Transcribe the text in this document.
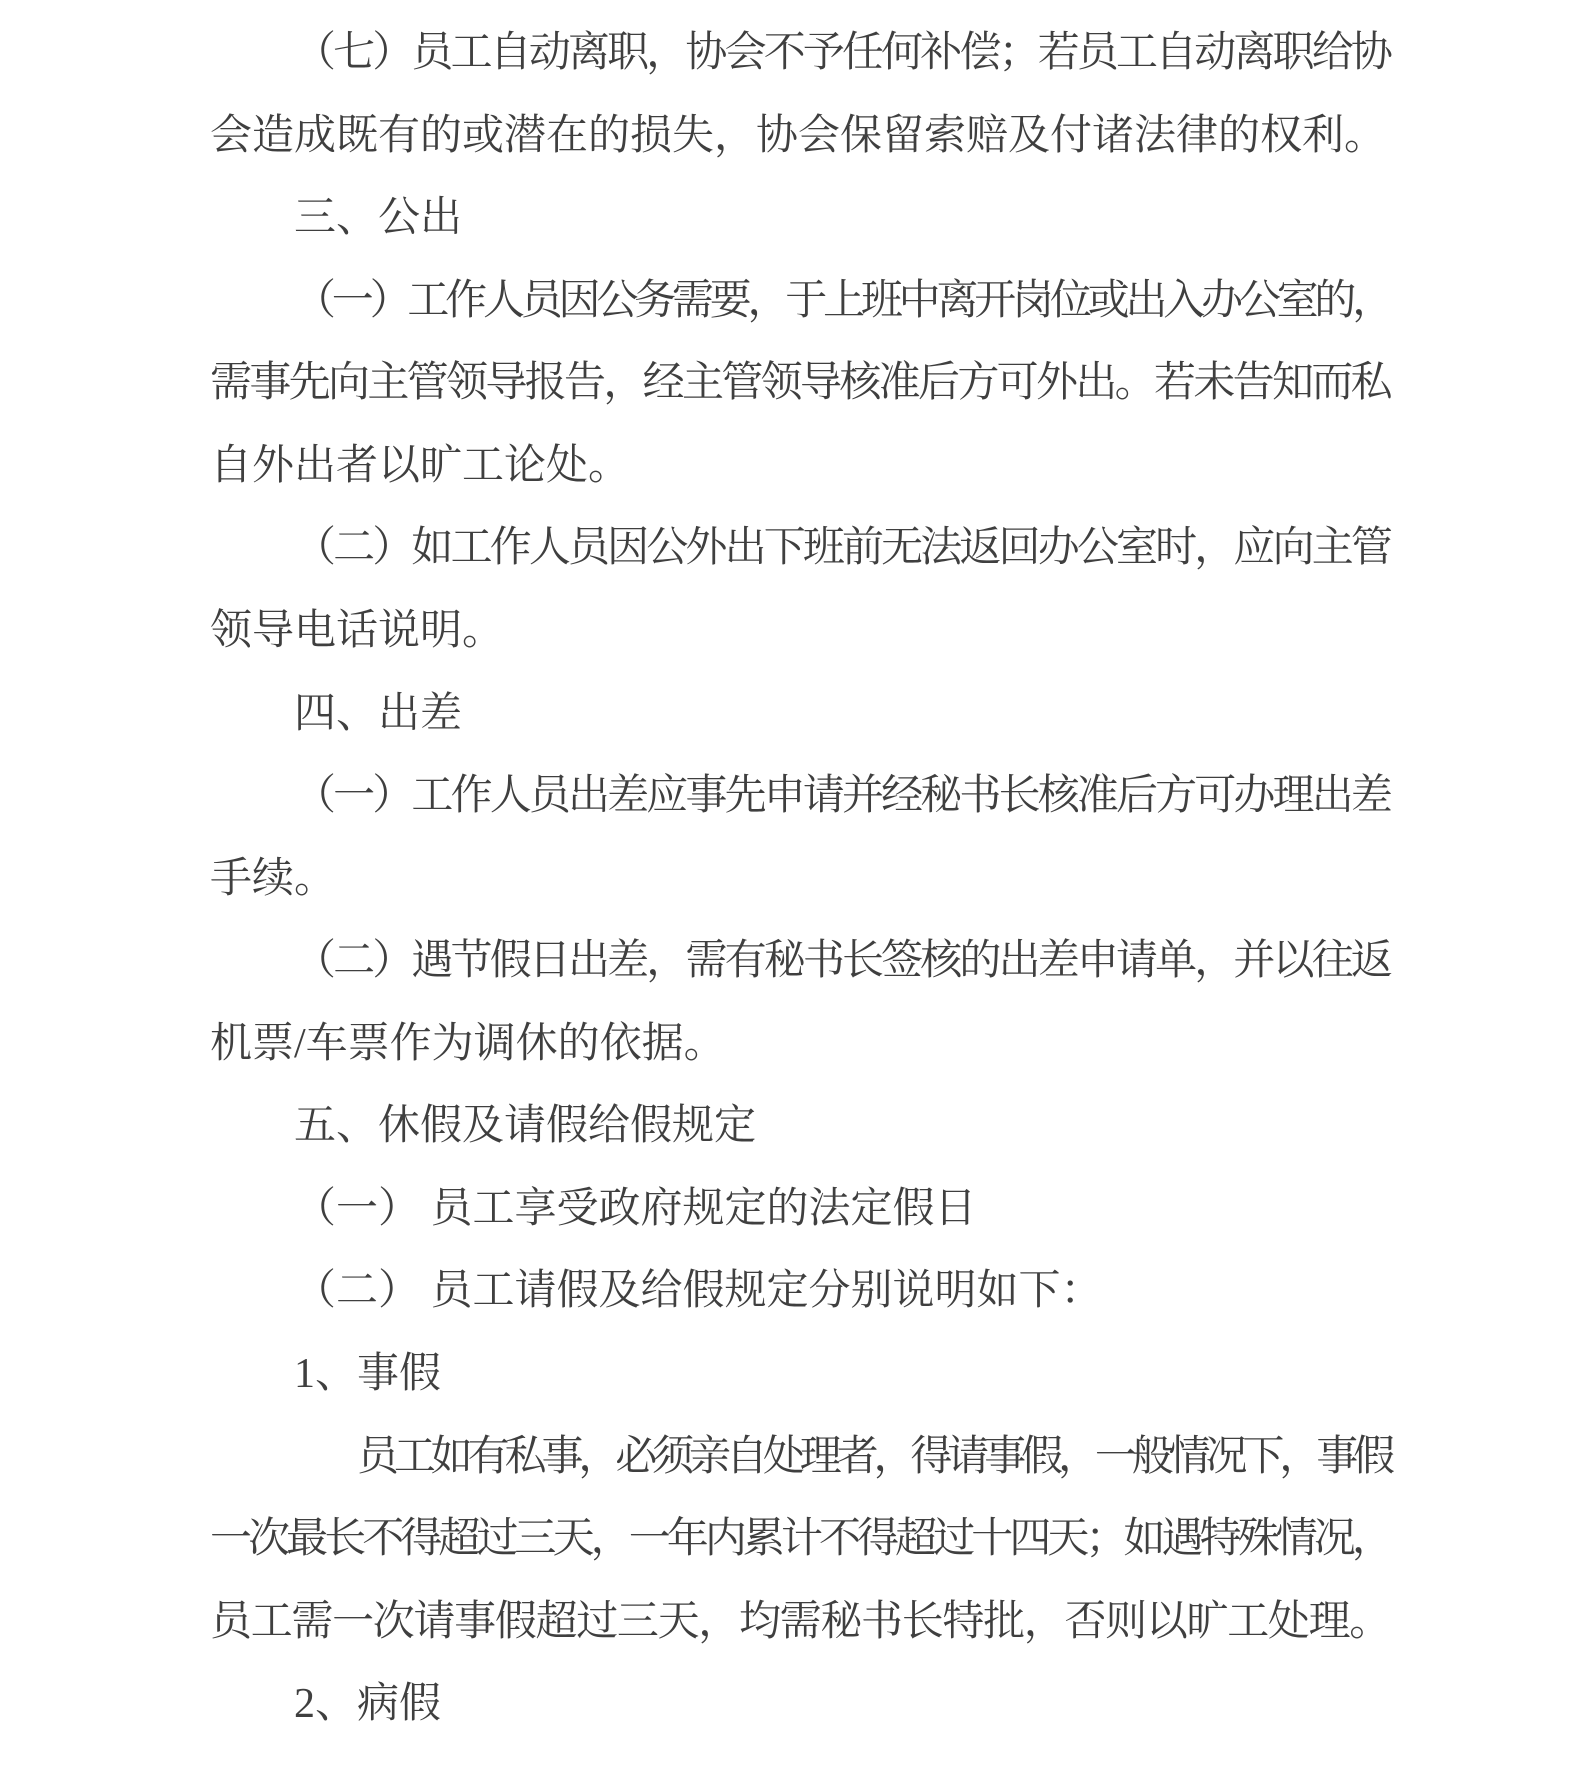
（七）员工自动离职，协会不予任何补偿；若员工自动离职给协
会造成既有的或潜在的损失，协会保留索赔及付诸法律的权利。
三、公出
（一）工作人员因公务需要，于上班中离开岗位或出入办公室的，
需事先向主管领导报告，经主管领导核准后方可外出。若未告知而私
自外出者以旷工论处。
（二）如工作人员因公外出下班前无法返回办公室时，应向主管
领导电话说明。
四、出差
（一）工作人员出差应事先申请并经秘书长核准后方可办理出差
手续。
（二）遇节假日出差，需有秘书长签核的出差申请单，并以往返
机票/车票作为调休的依据。
五、休假及请假给假规定
（一） 员工享受政府规定的法定假日
（二） 员工请假及给假规定分别说明如下：
1、事假
员工如有私事，必须亲自处理者，得请事假，一般情况下，事假
一次最长不得超过三天，一年内累计不得超过十四天；如遇特殊情况，
员工需一次请事假超过三天，均需秘书长特批，否则以旷工处理。
2、病假
